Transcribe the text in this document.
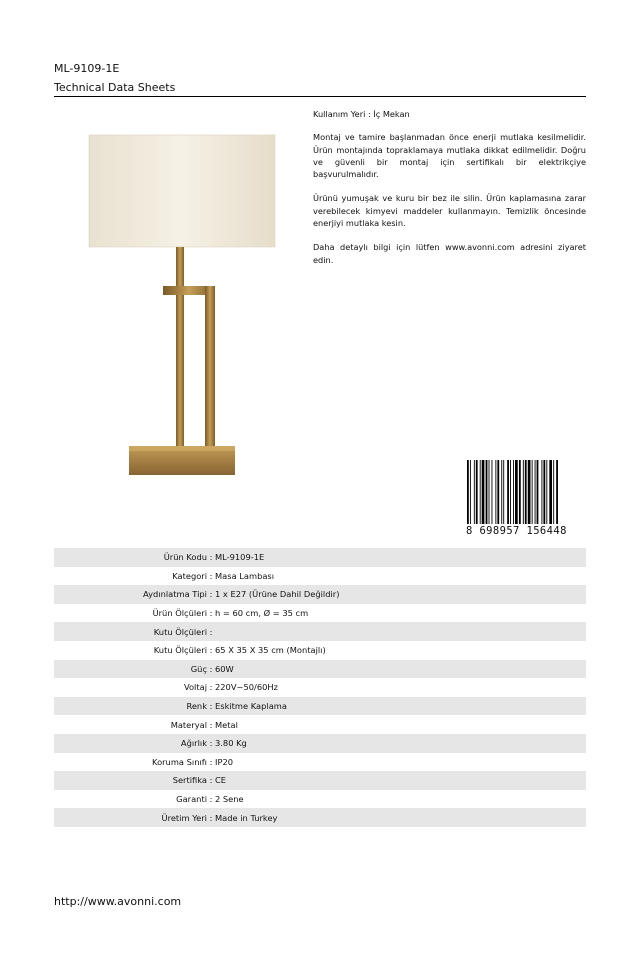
ML-9109-1E
Technical Data Sheets

Kullanım Yeri : İç Mekan

Montaj ve tamire başlanmadan önce enerji mutlaka kesilmelidir. Ürün montajında topraklamaya mutlaka dikkat edilmelidir. Doğru ve güvenli bir montaj için sertifikalı bir elektrikçiye başvurulmalıdır.

Ürünü yumuşak ve kuru bir bez ile silin. Ürün kaplamasına zarar verebilecek kimyevi maddeler kullanmayın. Temizlik öncesinde enerjiyi mutlaka kesin.

Daha detaylı bilgi için lütfen www.avonni.com adresini ziyaret edin.

8 698957 156448
Ürün Kodu : ML-9109-1E
Kategori : Masa Lambası
Aydınlatma Tipi : 1 x E27 (Ürüne Dahil Değildir)
Ürün Ölçüleri : h = 60 cm, Ø = 35 cm
Kutu Ölçüleri :
Kutu Ölçüleri : 65 X 35 X 35 cm (Montajlı)
Güç : 60W
Voltaj : 220V~50/60Hz
Renk : Eskitme Kaplama
Materyal : Metal
Ağırlık : 3.80 Kg
Koruma Sınıfı : IP20
Sertifika : CE
Garanti : 2 Sene
Üretim Yeri : Made in Turkey
http://www.avonni.com
